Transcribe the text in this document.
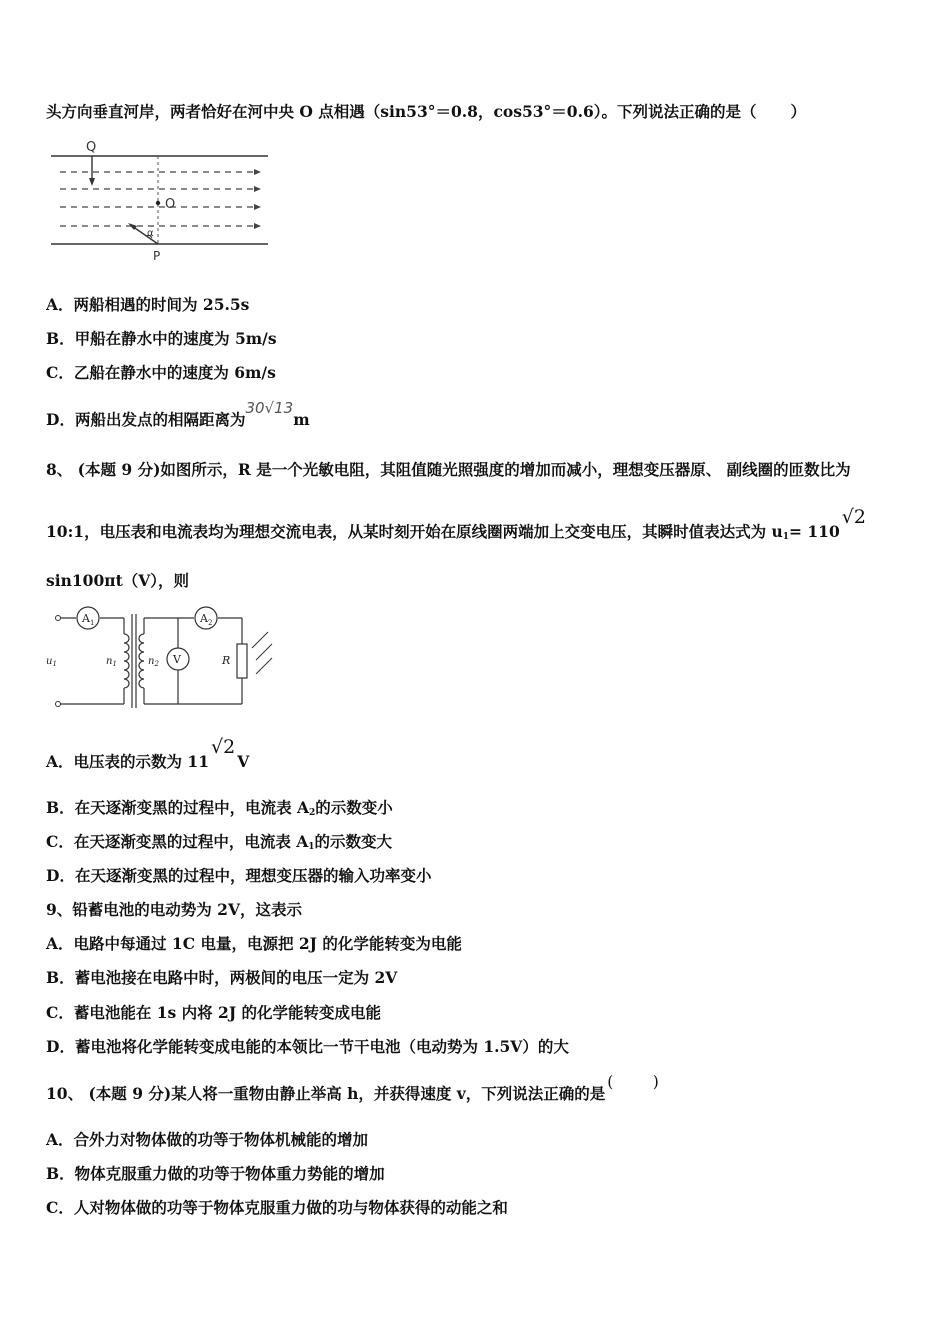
头方向垂直河岸，两者恰好在河中央 O 点相遇（sin53°＝0.8，cos53°＝0.6）。下列说法正确的是（ ）
Q
O
P
α
A．两船相遇的时间为 25.5s
B．甲船在静水中的速度为 5m/s
C．乙船在静水中的速度为 6m/s
D．两船出发点的相隔距离为30√13m
8、 (本题 9 分)如图所示，R 是一个光敏电阻，其阻值随光照强度的增加而减小，理想变压器原、 副线圈的匝数比为
10:1，电压表和电流表均为理想交流电表，从某时刻开始在原线圈两端加上交变电压，其瞬时值表达式为 $u_1= 110√2$
sin100πt（V），则
$A_1$	$A_2$
V	R
$u_1$	$n_1$	$n_2$
A．电压表的示数为 11√2V
B．在天逐渐变黑的过程中，电流表 $A_2$的示数变小
C．在天逐渐变黑的过程中，电流表 $A_1$的示数变大
D．在天逐渐变黑的过程中，理想变压器的输入功率变小
9、铅蓄电池的电动势为 2V，这表示
A．电路中每通过 1C 电量，电源把 2J 的化学能转变为电能
B．蓄电池接在电路中时，两极间的电压一定为 2V
C．蓄电池能在 1s 内将 2J 的化学能转变成电能
D．蓄电池将化学能转变成电能的本领比一节干电池（电动势为 1.5V）的大
10、 (本题 9 分)某人将一重物由静止举高 h，并获得速度 v，下列说法正确的是(        )
A．合外力对物体做的功等于物体机械能的增加
B．物体克服重力做的功等于物体重力势能的增加
C．人对物体做的功等于物体克服重力做的功与物体获得的动能之和
